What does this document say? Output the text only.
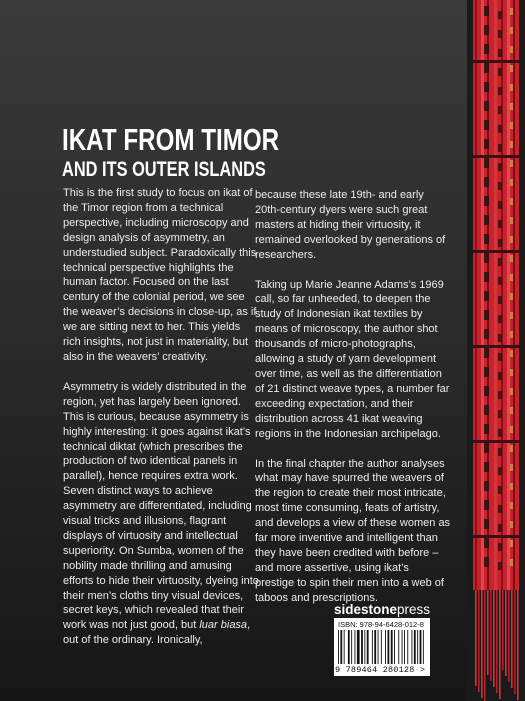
IKAT FROM TIMOR
AND ITS OUTER ISLANDS

This is the first study to focus on ikat of the Timor region from a technical perspective, including microscopy and design analysis of asymmetry, an understudied subject. Paradoxically this technical perspective highlights the human factor. Focused on the last century of the colonial period, we see the weaver’s decisions in close-up, as if we are sitting next to her. This yields rich insights, not just in materiality, but also in the weavers’ creativity.

Asymmetry is widely distributed in the region, yet has largely been ignored. This is curious, because asymmetry is highly interesting: it goes against ikat’s technical diktat (which prescribes the production of two identical panels in parallel), hence requires extra work. Seven distinct ways to achieve asymmetry are differentiated, including visual tricks and illusions, flagrant displays of virtuosity and intellectual superiority. On Sumba, women of the nobility made thrilling and amusing efforts to hide their virtuosity, dyeing into their men’s cloths tiny visual devices, secret keys, which revealed that their work was not just good, but luar biasa, out of the ordinary. Ironically,

because these late 19th- and early 20th-century dyers were such great masters at hiding their virtuosity, it remained overlooked by generations of researchers.

Taking up Marie Jeanne Adams’s 1969 call, so far unheeded, to deepen the study of Indonesian ikat textiles by means of microscopy, the author shot thousands of micro-photographs, allowing a study of yarn development over time, as well as the differentiation of 21 distinct weave types, a number far exceeding expectation, and their distribution across 41 ikat weaving regions in the Indonesian archipelago.

In the final chapter the author analyses what may have spurred the weavers of the region to create their most intricate, most time consuming, feats of artistry, and develops a view of these women as far more inventive and intelligent than they have been credited with before – and more assertive, using ikat’s prestige to spin their men into a web of taboos and prescriptions.

sidestonepress
ISBN: 978-94-6428-012-8
9 789464 280128 >
